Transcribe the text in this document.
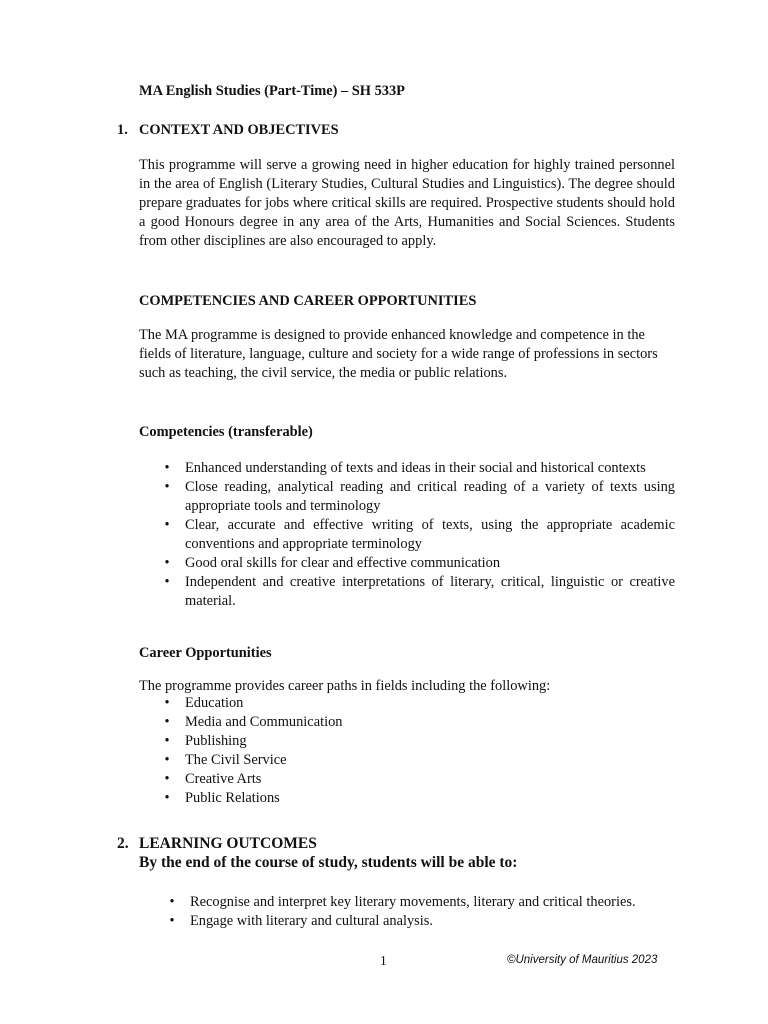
MA English Studies (Part-Time) – SH 533P

1. CONTEXT AND OBJECTIVES

This programme will serve a growing need in higher education for highly trained personnel in the area of English (Literary Studies, Cultural Studies and Linguistics). The degree should prepare graduates for jobs where critical skills are required. Prospective students should hold a good Honours degree in any area of the Arts, Humanities and Social Sciences. Students from other disciplines are also encouraged to apply.

COMPETENCIES AND CAREER OPPORTUNITIES

The MA programme is designed to provide enhanced knowledge and competence in the fields of literature, language, culture and society for a wide range of professions in sectors such as teaching, the civil service, the media or public relations.

Competencies (transferable)

•	Enhanced understanding of texts and ideas in their social and historical contexts
•	Close reading, analytical reading and critical reading of a variety of texts using appropriate tools and terminology
•	Clear, accurate and effective writing of texts, using the appropriate academic conventions and appropriate terminology
•	Good oral skills for clear and effective communication
•	Independent and creative interpretations of literary, critical, linguistic or creative material.

Career Opportunities

The programme provides career paths in fields including the following:

•	Education
•	Media and Communication
•	Publishing
•	The Civil Service
•	Creative Arts
•	Public Relations

2. LEARNING OUTCOMES

By the end of the course of study, students will be able to:

•	Recognise and interpret key literary movements, literary and critical theories.
•	Engage with literary and cultural analysis.

1	©University of Mauritius 2023
